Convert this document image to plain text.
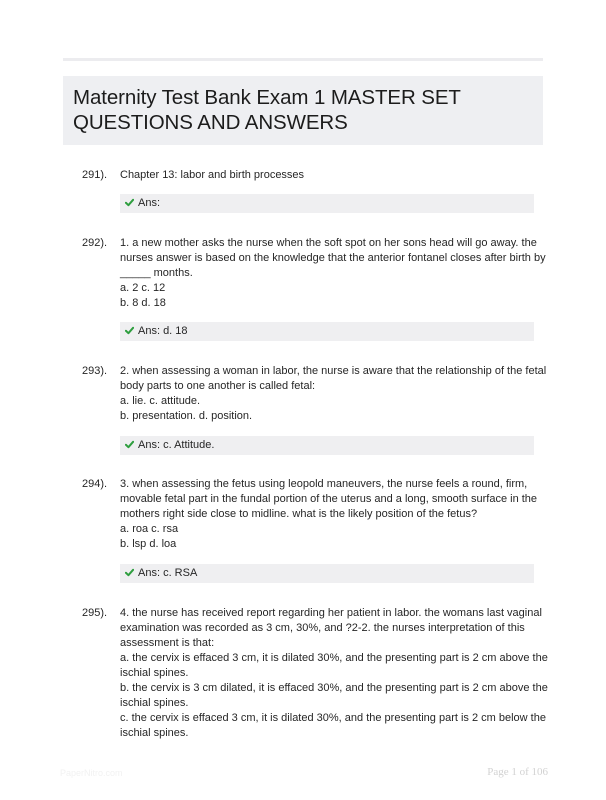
Maternity Test Bank Exam 1 MASTER SET
QUESTIONS AND ANSWERS
291). Chapter 13: labor and birth processes
Ans:
292). 1. a new mother asks the nurse when the soft spot on her sons head will go away. the
nurses answer is based on the knowledge that the anterior fontanel closes after birth by
_____ months.
a. 2 c. 12
b. 8 d. 18
Ans: d. 18
293). 2. when assessing a woman in labor, the nurse is aware that the relationship of the fetal
body parts to one another is called fetal:
a. lie. c. attitude.
b. presentation. d. position.
Ans: c. Attitude.
294). 3. when assessing the fetus using leopold maneuvers, the nurse feels a round, firm,
movable fetal part in the fundal portion of the uterus and a long, smooth surface in the
mothers right side close to midline. what is the likely position of the fetus?
a. roa c. rsa
b. lsp d. loa
Ans: c. RSA
295). 4. the nurse has received report regarding her patient in labor. the womans last vaginal
examination was recorded as 3 cm, 30%, and ?2-2. the nurses interpretation of this
assessment is that:
a. the cervix is effaced 3 cm, it is dilated 30%, and the presenting part is 2 cm above the
ischial spines.
b. the cervix is 3 cm dilated, it is effaced 30%, and the presenting part is 2 cm above the
ischial spines.
c. the cervix is effaced 3 cm, it is dilated 30%, and the presenting part is 2 cm below the
ischial spines.
PaperNitro.com	Page 1 of 106
